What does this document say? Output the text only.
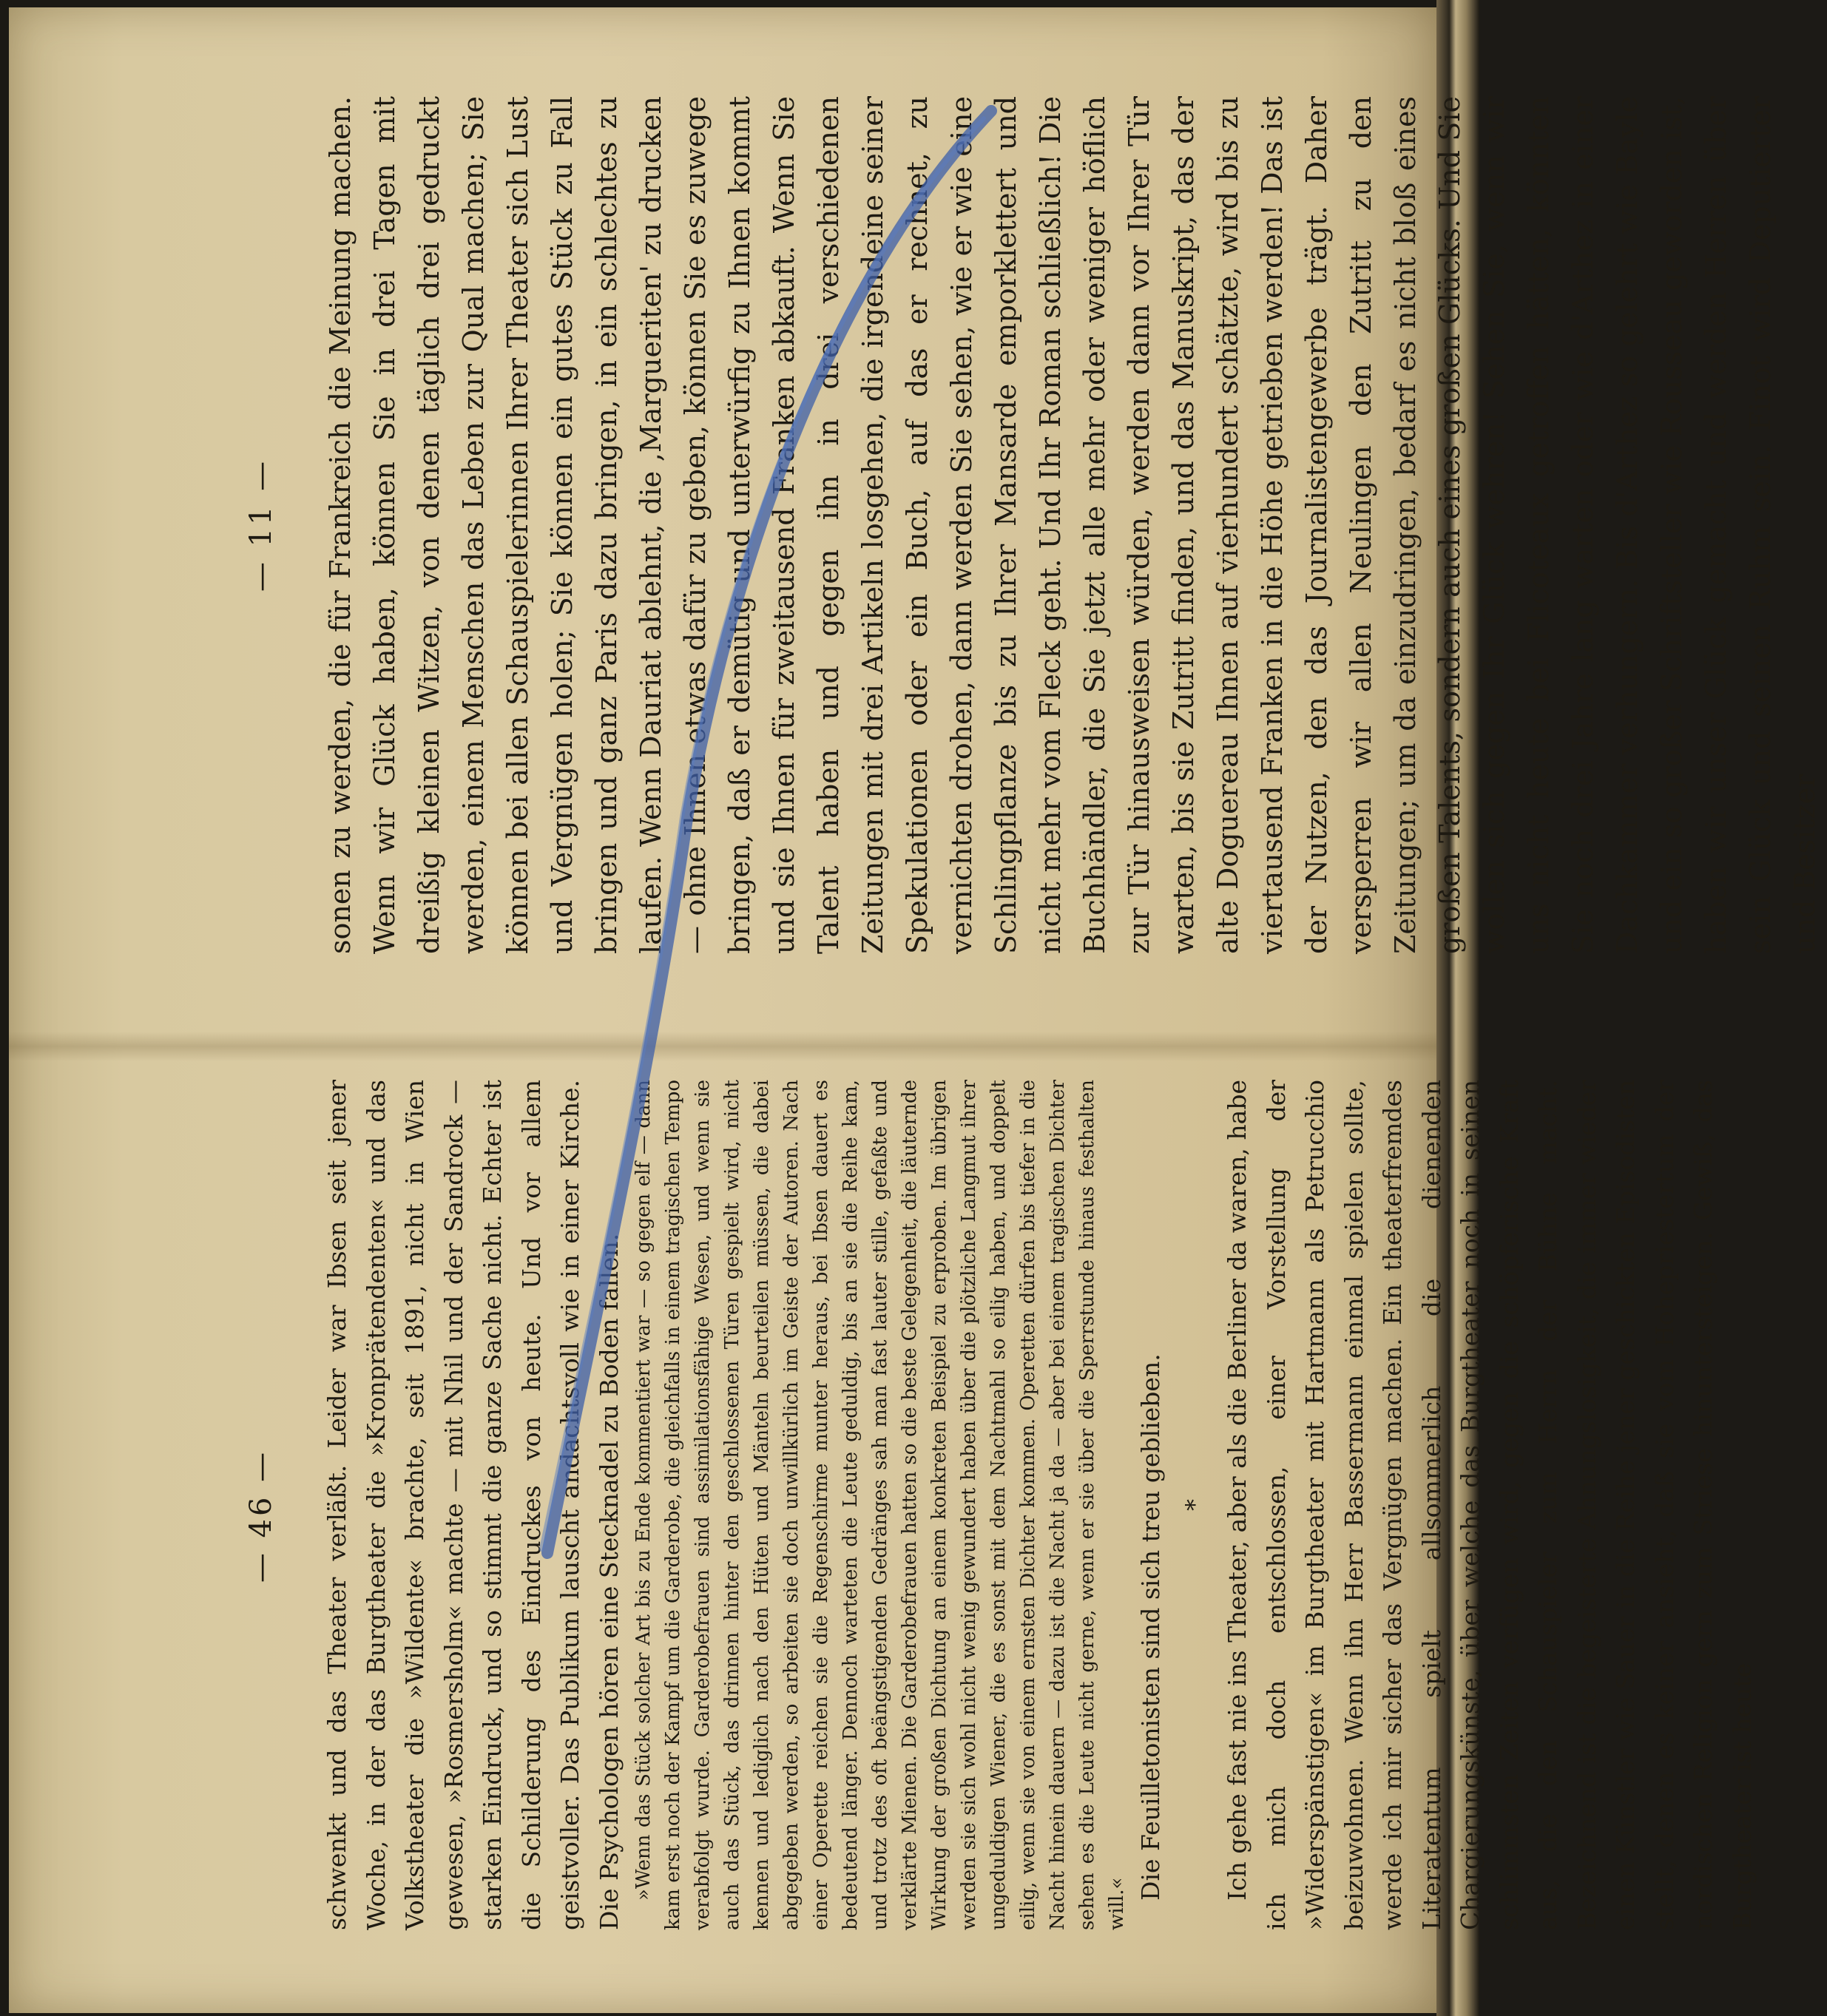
— 46 —	schwenkt und das Theater verläßt. Leider war Ibsen seit jener Woche, in der das Burgtheater die »Kronprätendenten« und das Volkstheater die »Wildente« brachte, seit 1891, nicht in Wien gewesen, »Rosmersholm« machte — mit Nhil und der Sandrock — starken Eindruck, und so stimmt die ganze Sache nicht. Echter ist die Schilderung des Eindruckes von heute. Und vor allem geistvoller. Das Publikum lauscht andachtsvoll wie in einer Kirche. Die Psychologen hören eine Stecknadel zu Boden fallen. »Wenn das Stück solcher Art bis zu Ende kommentiert war — so gegen elf — dann kam erst noch der Kampf um die Garderobe, die gleichfalls in einem tragischen Tempo verabfolgt wurde. Garderobefrauen sind assimilationsfähige Wesen, und wenn sie auch das Stück, das drinnen hinter den geschlossenen Türen gespielt wird, nicht kennen und lediglich nach den Hüten und Mänteln beurteilen müssen, die dabei abgegeben werden, so arbeiten sie doch unwillkürlich im Geiste der Autoren. Nach einer Operette reichen sie die Regenschirme munter heraus, bei Ibsen dauert es bedeutend länger. Dennoch warteten die Leute geduldig, bis an sie die Reihe kam, und trotz des oft beängstigenden Gedränges sah man fast lauter stille, gefaßte und verklärte Mienen. Die Garderobefrauen hatten so die beste Gelegenheit, die läuternde Wirkung der großen Dichtung an einem konkreten Beispiel zu erproben. Im übrigen werden sie sich wohl nicht wenig gewundert haben über die plötzliche Langmut ihrer ungeduldigen Wiener, die es sonst mit dem Nachtmahl so eilig haben, und doppelt eilig, wenn sie von einem ernsten Dichter kommen. Operetten dürfen bis tiefer in die Nacht hinein dauern — dazu ist die Nacht ja da — aber bei einem tragischen Dichter sehen es die Leute nicht gerne, wenn er sie über die Sperrstunde hinaus festhalten will.«

Die Feuilletonisten sind sich treu geblieben. * Ich gehe fast nie ins Theater, aber als die Berliner da waren, habe ich mich doch entschlossen, einer Vorstellung der »Widerspänstigen« im Burgtheater mit Hartmann als Petrucchio beizuwohnen. Wenn ihn Herr Bassermann einmal spielen sollte, werde ich mir sicher das Vergnügen machen. Ein theaterfremdes Literatentum spielt allsommerlich die dienenden Chargierungskünste, über welche das Burgtheater noch in seinen schlimmsten Zeiten verfügen wird, gegen die schöpferische Kraft aus, die den Schauspieler zum Herrn der Bühne macht. Bezeichnend ist die begeisterte Ahnungslosigkeit, die immer wieder einen Künstler wie Sauer in die Reihe jener geschickten Episodisten stellt, denen es keiner ansieht, daß sie vom Hohepriestertum der nordischen Religion gern zum Striese hinuntersteigen. Gewiß, das Burgtheater ist heute

— 11 —	sonen zu werden, die für Frankreich die Meinung machen. Wenn wir Glück haben, können Sie in drei Tagen mit dreißig kleinen Witzen, von denen täglich drei gedruckt werden, einem Menschen das Leben zur Qual machen; Sie können bei allen Schauspielerinnen Ihrer Theater sich Lust und Vergnügen holen; Sie können ein gutes Stück zu Fall bringen und ganz Paris dazu bringen, in ein schlechtes zu laufen. Wenn Dauriat ablehnt, die ,Margueriten' zu drucken — ohne Ihnen etwas dafür zu geben, können Sie es zuwege bringen, daß er demütig und unterwürfig zu Ihnen kommt und sie Ihnen für zweitausend Franken abkauft. Wenn Sie Talent haben und gegen ihn in drei verschiedenen Zeitungen mit drei Artikeln losgehen, die irgendeine seiner Spekulationen oder ein Buch, auf das er rechnet, zu vernichten drohen, dann werden Sie sehen, wie er wie eine Schlingpflanze bis zu Ihrer Mansarde emporklettert und nicht mehr vom Fleck geht. Und Ihr Roman schließlich! Die Buchhändler, die Sie jetzt alle mehr oder weniger höflich zur Tür hinausweisen würden, werden dann vor Ihrer Tür warten, bis sie Zutritt finden, und das Manuskript, das der alte Doguereau Ihnen auf vierhundert schätzte, wird bis zu viertausend Franken in die Höhe getrieben werden! Das ist der Nutzen, den das Journalistengewerbe trägt. Daher versperren wir allen Neulingen den Zutritt zu den Zeitungen; um da einzudringen, bedarf es nicht bloß eines großen Talents, sondern auch eines großen Glücks. Und Sie wollen sich gegen Ihr Glück wehren! Sehen Sie, wenn wir uns nicht heute bei Flicoteaux getroffen hätten, könnten Sie noch drei Jahre lang warten oder wie d'Arthez in einer Dachkammer verhungern. Bis d'Arthez so gelehrt wie Bayle und ein so großer Schriftsteller wie Rousseau geworden ist, haben wir unser Glück gemacht und werden Herren über sein Glück und seinen Ruhm sein. Finot wird Deputierter und Besitzer
